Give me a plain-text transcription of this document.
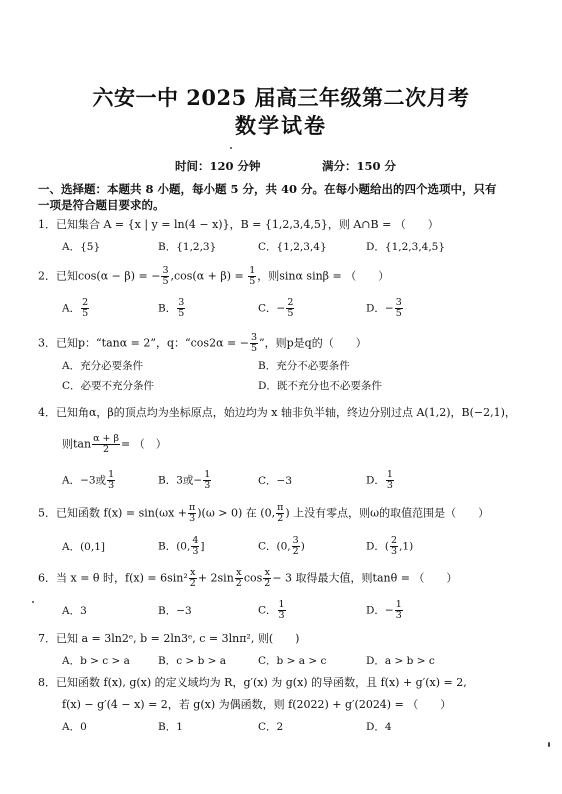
六安一中 2025 届高三年级第二次月考
数学试卷
时间：120 分钟	满分：150 分
一、选择题：本题共 8 小题，每小题 5 分，共 40 分。在每小题给出的四个选项中，只有
一项是符合题目要求的。
1．已知集合 A = {x | y = ln(4 − x)}，B = {1,2,3,4,5}，则 A∩B = （　　）
A．{5}	B．{1,2,3}	C．{1,2,3,4}	D．{1,2,3,4,5}
2．已知cos(α − β) = − $\frac{3}{5} ,\cos(\alpha + \beta) = \frac{1}{5}$ ，则sinα sinβ = （　　）
A． $\frac{2}{5}$	B． $\frac{3}{5}$	C．− $\frac{2}{5}$	D．− $\frac{3}{5}$
3．已知p：“tanα = 2”，q：“cos2α = − $\frac{3}{5}$ ”，则p是q的（　　）
A．充分必要条件	B．充分不必要条件
C．必要不充分条件	D．既不充分也不必要条件
4．已知角α，β的顶点均为坐标原点，始边均为 x 轴非负半轴，终边分别过点 A(1,2)，B(−2,1)，
则$\tan \frac{\alpha + \beta}{2}$ = （　）
A．−3或 $\frac{1}{3}$	B．3或− $\frac{1}{3}$	C．−3	D． $\frac{1}{3}$
5．已知函数 $f(x) = \sin(\omega x + \frac{\pi}{3} )(\omega > 0)$ 在 (0, $\frac{\pi}{2}$ ) 上没有零点，则ω的取值范围是（　　）
A．(0,1]	B．(0, $\frac{4}{3}$ ]	C．(0, $\frac{3}{2}$ )	D．( $\frac{2}{3} ,1$)
6．当 x = θ 时，$f(x) = 6\sin^2 \frac{x}{2} + 2\sin \frac{x}{2}$ $\cos \frac{x}{2} - 3$ 取得最大值，则tanθ = （　　）
A．3	B．−3	C． $\frac{1}{3}$	D．− $\frac{1}{3}$
7．已知 a = 3ln2ᵉ, b = 2ln3ᵉ, c = 3lnπ², 则(　　)
A．b > c > a	B．c > b > a	C．b > a > c	D．a > b > c
8．已知函数 f(x), g(x) 的定义域均为 R，g′(x) 为 g(x) 的导函数，且 f(x) + g′(x) = 2,
f(x) − g′(4 − x) = 2，若 g(x) 为偶函数，则 f(2022) + g′(2024) = （　　）
A．0	B．1	C．2	D．4
